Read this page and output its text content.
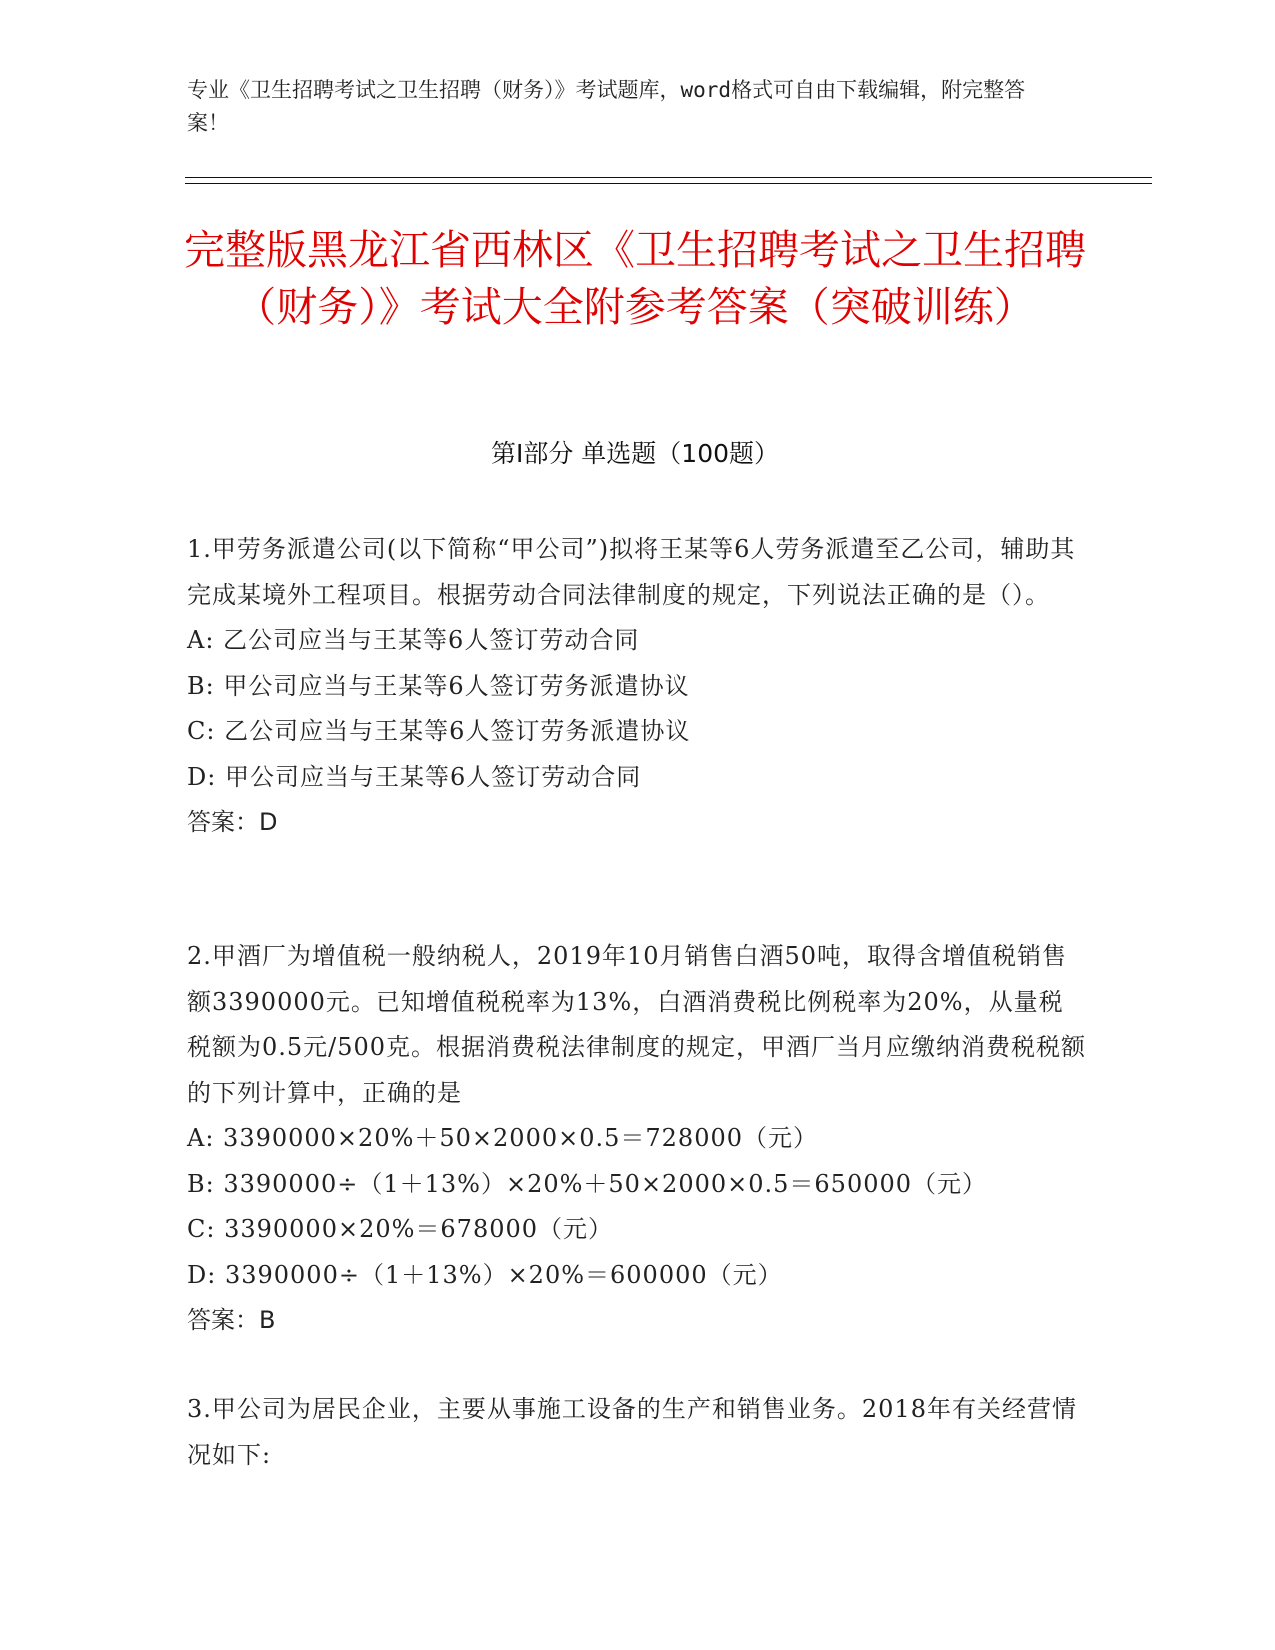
专业《卫生招聘考试之卫生招聘（财务）》考试题库，word格式可自由下载编辑，附完整答案！
完整版黑龙江省西林区《卫生招聘考试之卫生招聘（财务）》考试大全附参考答案（突破训练）
第I部分 单选题（100题）
1.甲劳务派遣公司(以下简称“甲公司”)拟将王某等6人劳务派遣至乙公司，辅助其完成某境外工程项目。根据劳动合同法律制度的规定，下列说法正确的是（）。
A: 乙公司应当与王某等6人签订劳动合同
B: 甲公司应当与王某等6人签订劳务派遣协议
C: 乙公司应当与王某等6人签订劳务派遣协议
D: 甲公司应当与王某等6人签订劳动合同
答案：D
2.甲酒厂为增值税一般纳税人，2019年10月销售白酒50吨，取得含增值税销售额3390000元。已知增值税税率为13%，白酒消费税比例税率为20%，从量税税额为0.5元/500克。根据消费税法律制度的规定，甲酒厂当月应缴纳消费税税额的下列计算中，正确的是
A: 3390000×20%＋50×2000×0.5＝728000（元）
B: 3390000÷（1＋13%）×20%＋50×2000×0.5＝650000（元）
C: 3390000×20%＝678000（元）
D: 3390000÷（1＋13%）×20%＝600000（元）
答案：B
3.甲公司为居民企业，主要从事施工设备的生产和销售业务。2018年有关经营情况如下:
